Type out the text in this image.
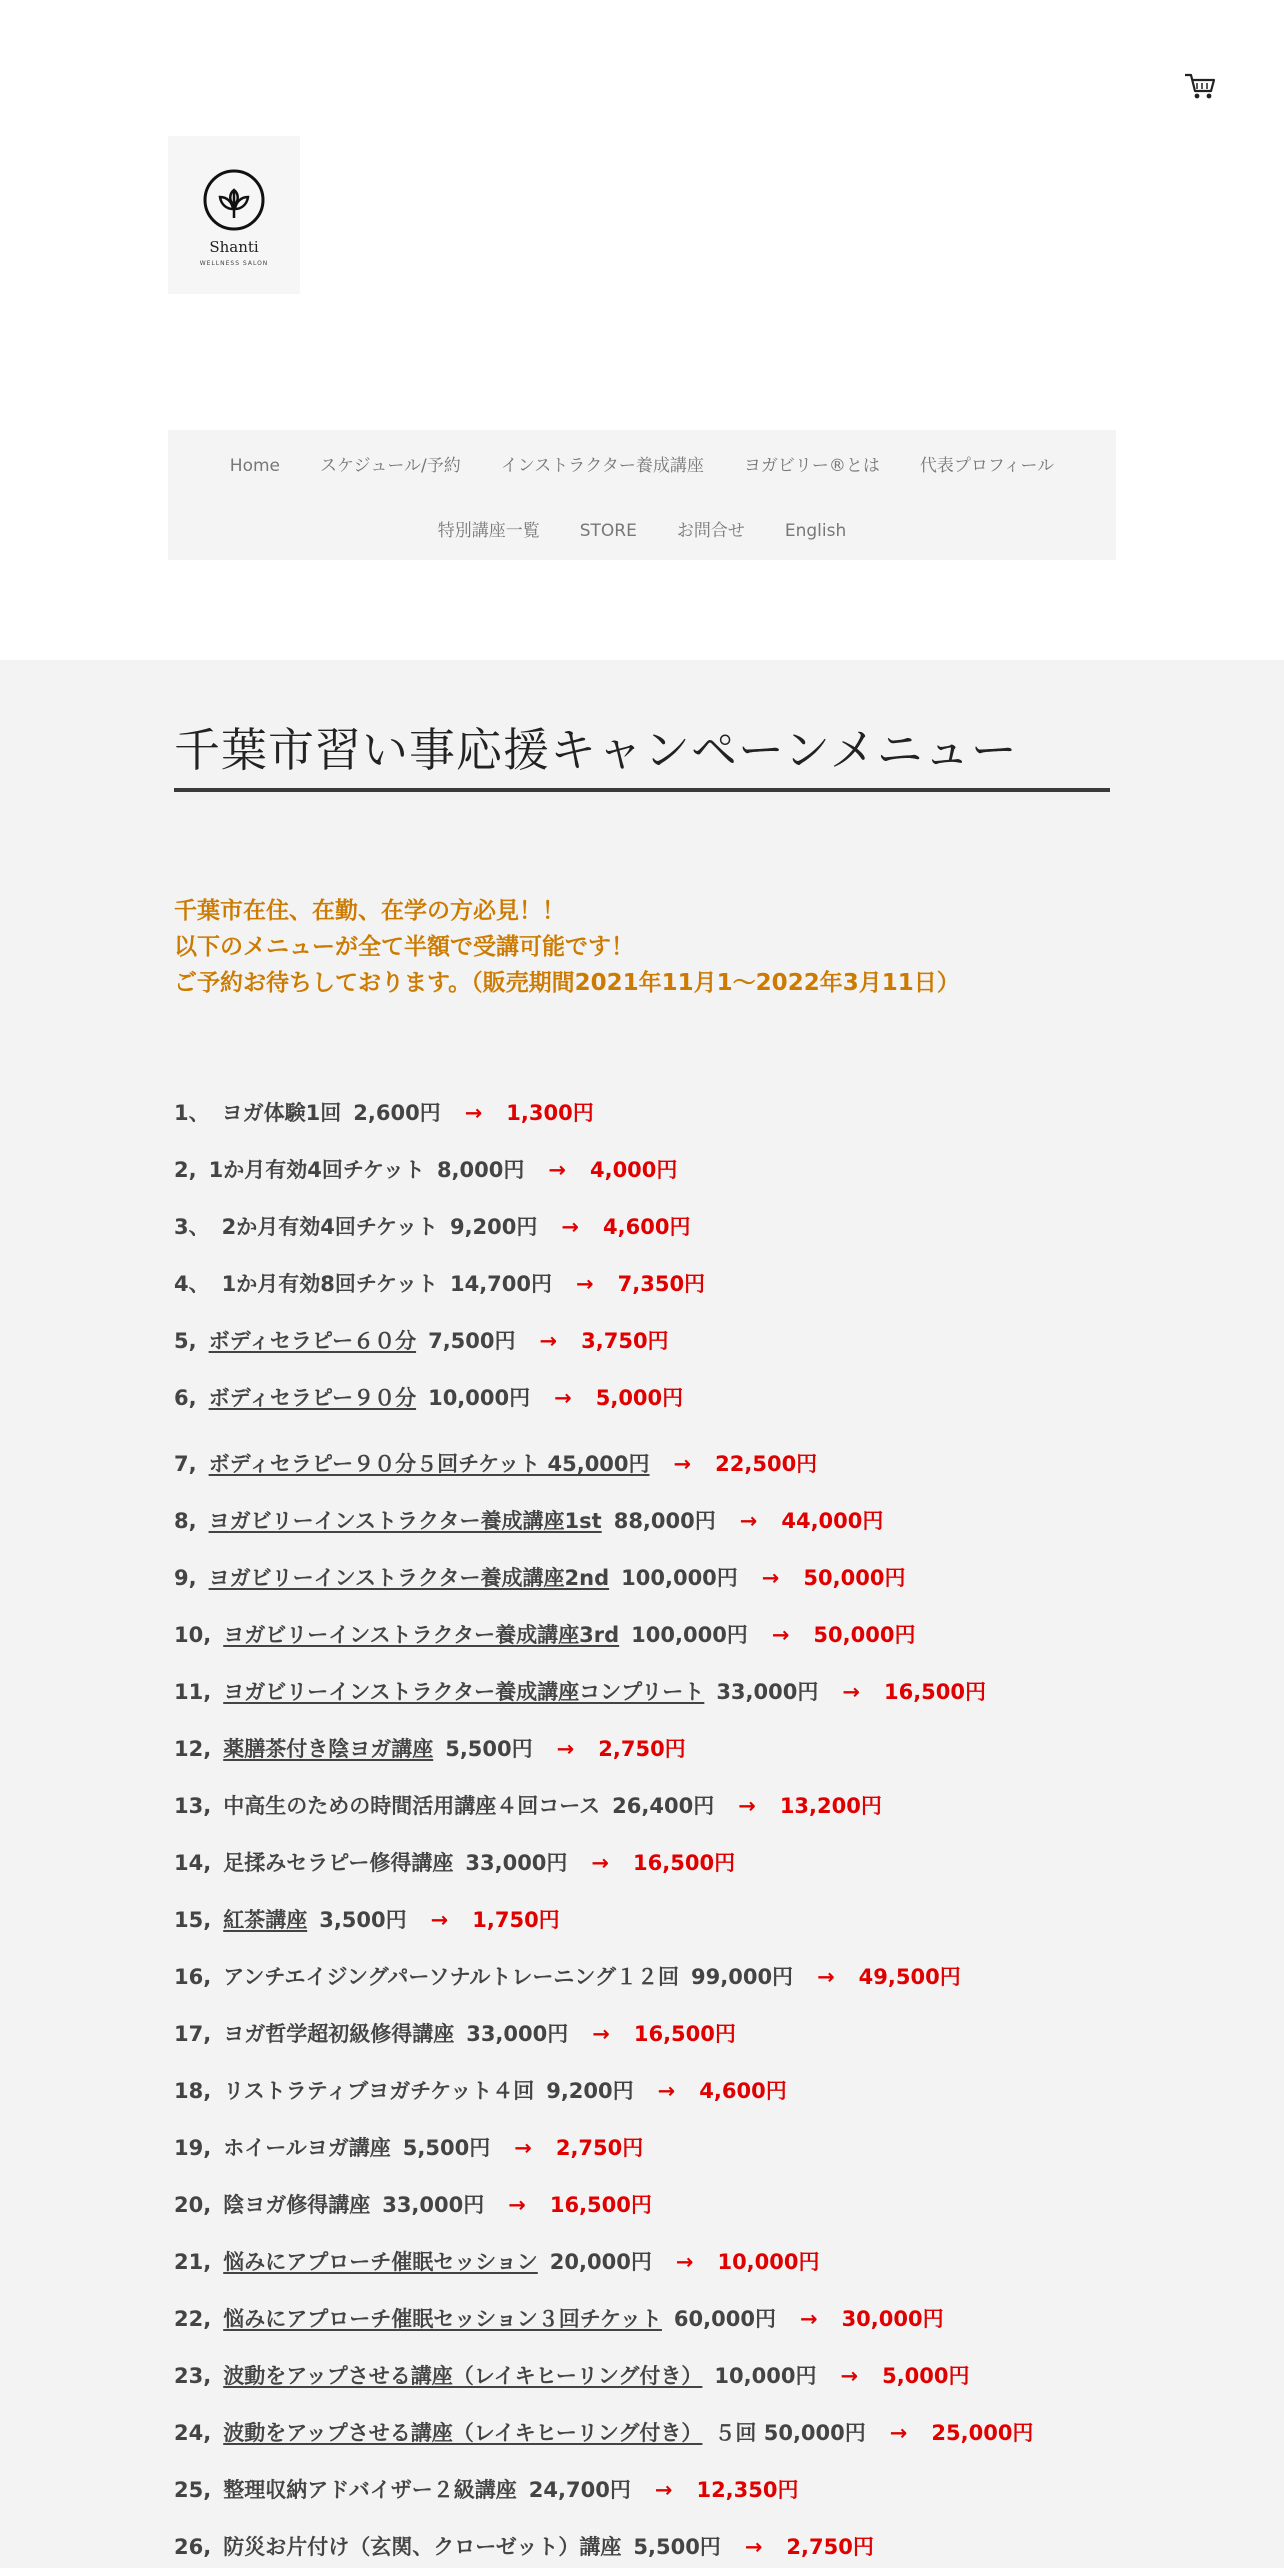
Shanti
WELLNESS SALON
Home スケジュール/予約 インストラクター養成講座 ヨガビリー®とは 代表プロフィール
特別講座一覧 STORE お問合せ English
千葉市習い事応援キャンペーンメニュー
千葉市在住、在勤、在学の方必見！！
以下のメニューが全て半額で受講可能です！
ご予約お待ちしております。（販売期間2021年11月1〜2022年3月11日）
1、 ヨガ体験1回 2,600円 → 1,300円
2, 1か月有効4回チケット 8,000円 → 4,000円
3、 2か月有効4回チケット 9,200円 → 4,600円
4、 1か月有効8回チケット 14,700円 → 7,350円
5, ボディセラピー６０分 7,500円 → 3,750円
6, ボディセラピー９０分 10,000円 → 5,000円
7, ボディセラピー９０分５回チケット 45,000円 → 22,500円
8, ヨガビリーインストラクター養成講座1st 88,000円 → 44,000円
9, ヨガビリーインストラクター養成講座2nd 100,000円 → 50,000円
10, ヨガビリーインストラクター養成講座3rd 100,000円 → 50,000円
11, ヨガビリーインストラクター養成講座コンプリート 33,000円 → 16,500円
12, 薬膳茶付き陰ヨガ講座 5,500円 → 2,750円
13, 中高生のための時間活用講座４回コース 26,400円 → 13,200円
14, 足揉みセラピー修得講座 33,000円 → 16,500円
15, 紅茶講座 3,500円 → 1,750円
16, アンチエイジングパーソナルトレーニング１２回 99,000円 → 49,500円
17, ヨガ哲学超初級修得講座 33,000円 → 16,500円
18, リストラティブヨガチケット４回 9,200円 → 4,600円
19, ホイールヨガ講座 5,500円 → 2,750円
20, 陰ヨガ修得講座 33,000円 → 16,500円
21, 悩みにアプローチ催眠セッション 20,000円 → 10,000円
22, 悩みにアプローチ催眠セッション３回チケット 60,000円 → 30,000円
23, 波動をアップさせる講座（レイキヒーリング付き） 10,000円 → 5,000円
24, 波動をアップさせる講座（レイキヒーリング付き） ５回 50,000円 → 25,000円
25, 整理収納アドバイザー２級講座 24,700円 → 12,350円
26, 防災お片付け（玄関、クローゼット）講座 5,500円 → 2,750円
